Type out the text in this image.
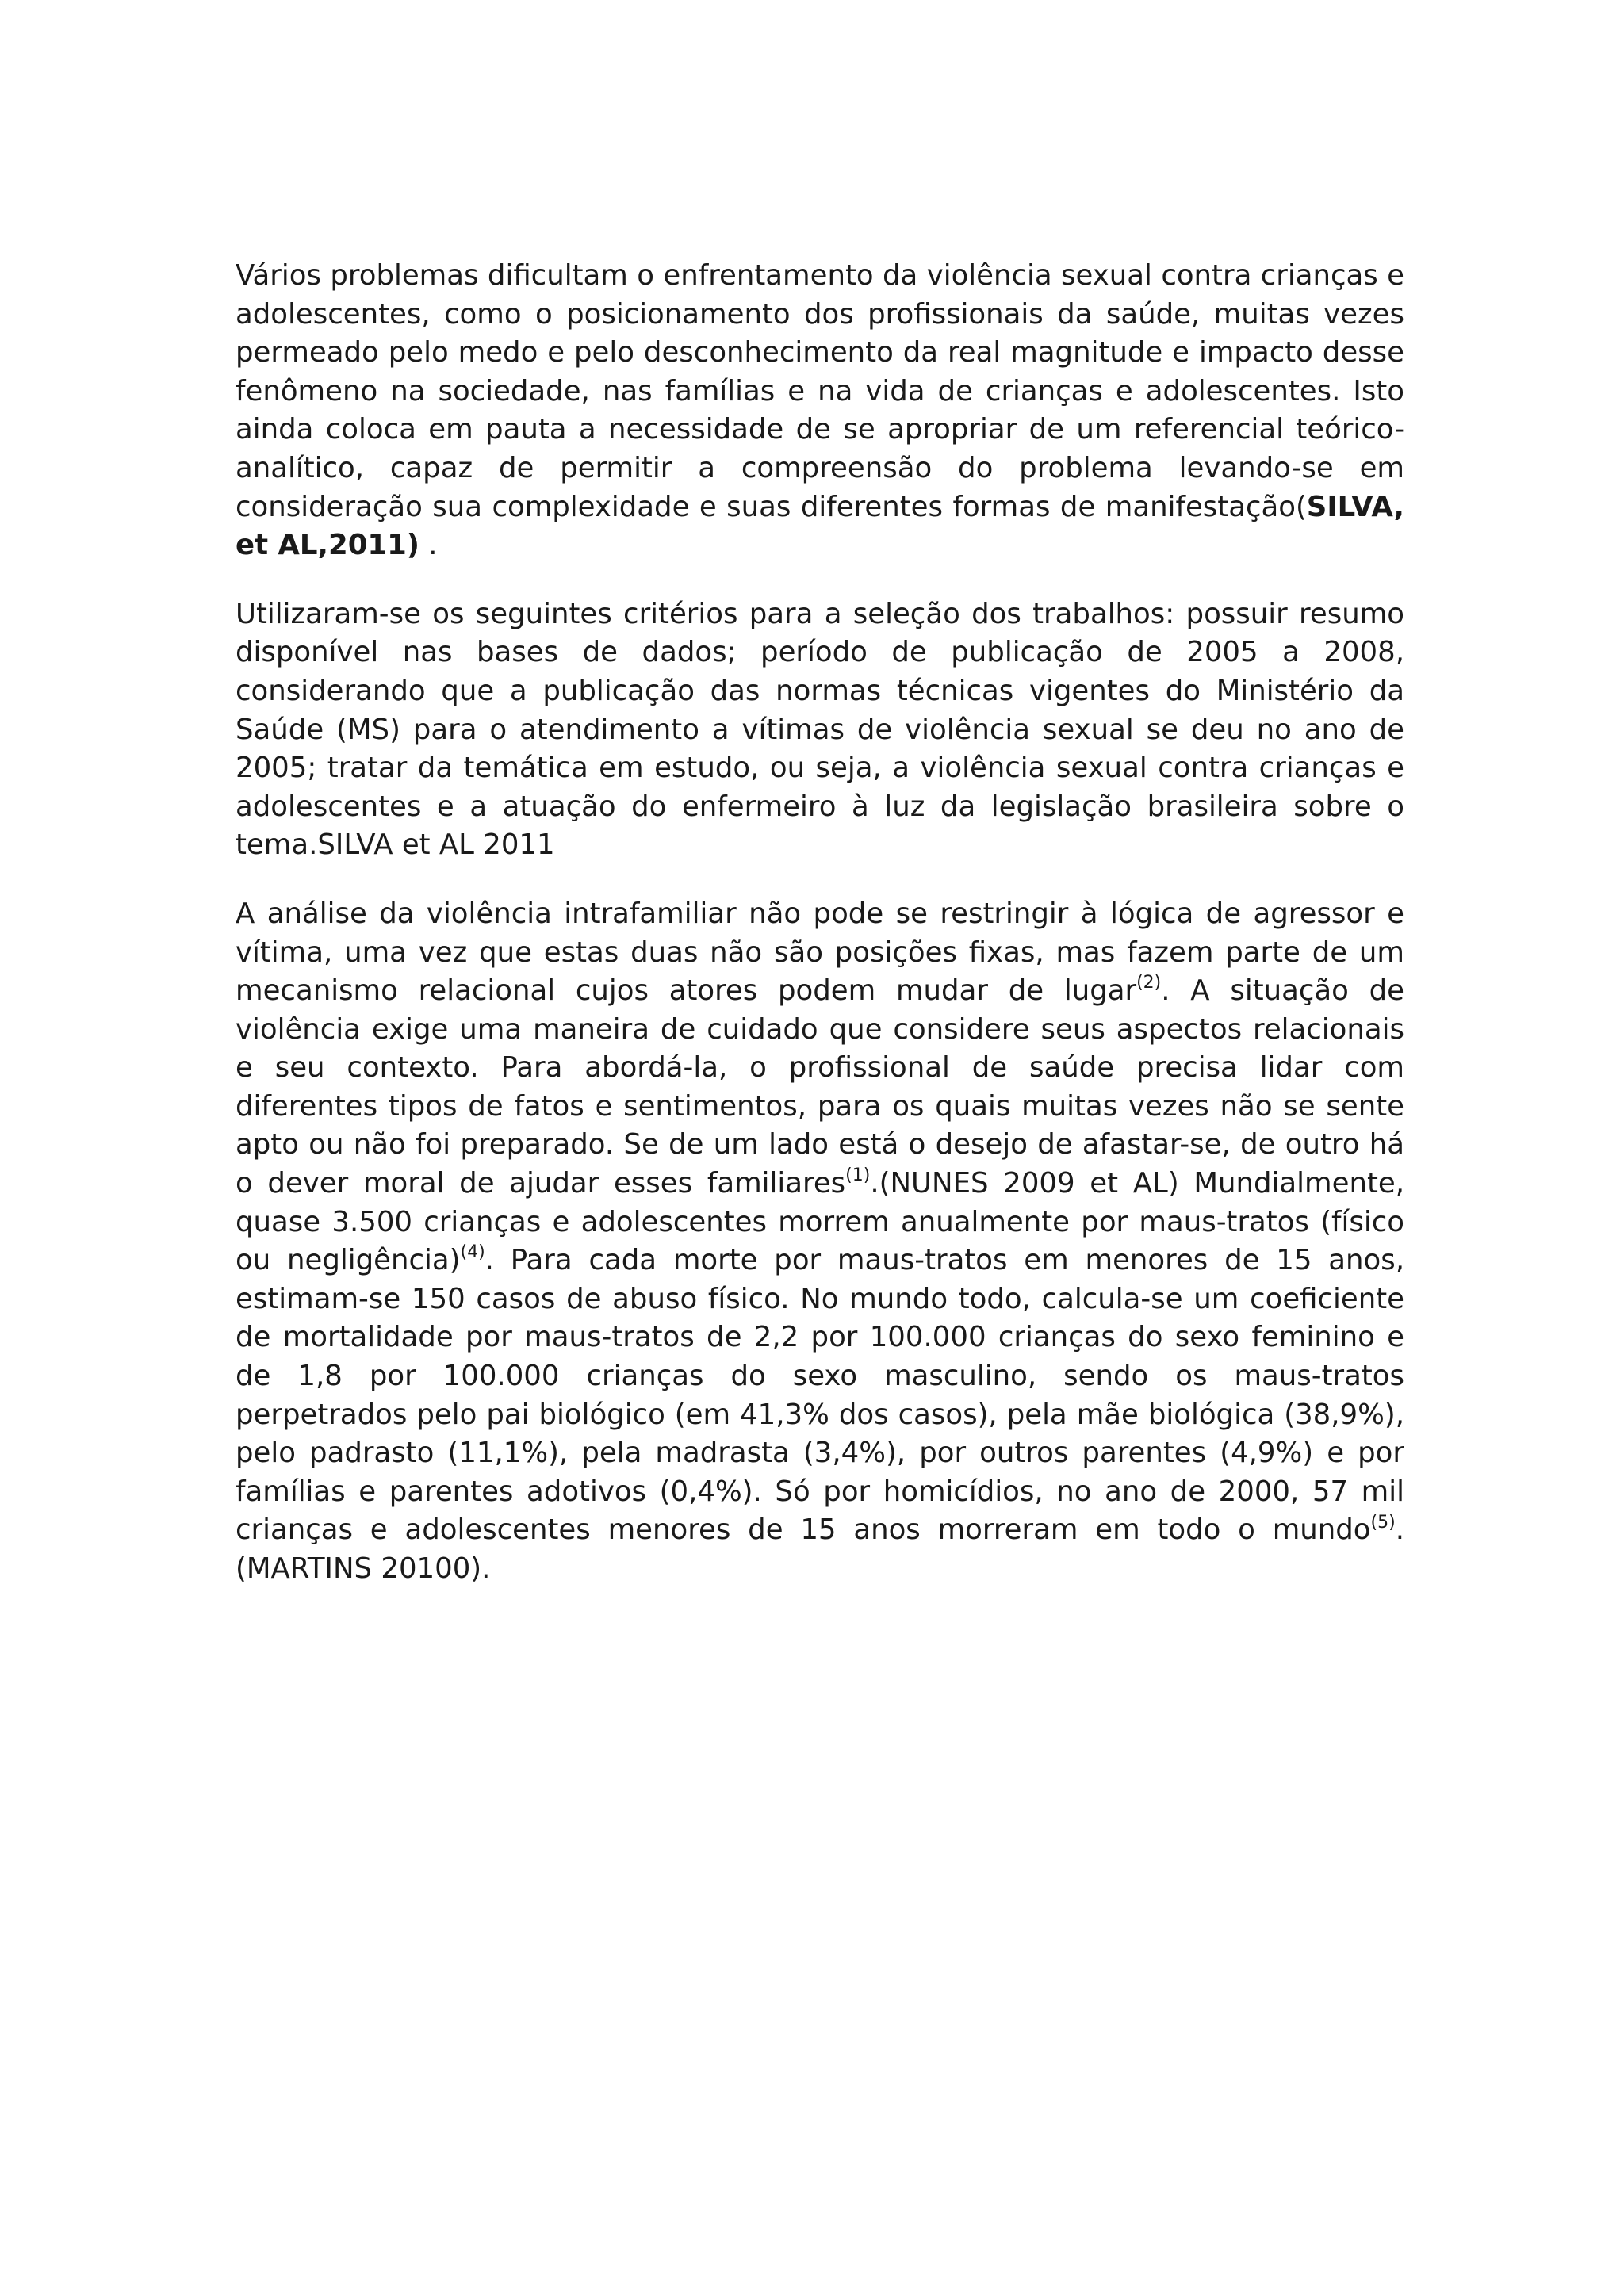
Vários problemas dificultam o enfrentamento da violência sexual contra crianças e adolescentes, como o posicionamento dos profissionais da saúde, muitas vezes permeado pelo medo e pelo desconhecimento da real magnitude e impacto desse fenômeno na sociedade, nas famílias e na vida de crianças e adolescentes. Isto ainda coloca em pauta a necessidade de se apropriar de um referencial teórico-analítico, capaz de permitir a compreensão do problema levando-se em consideração sua complexidade e suas diferentes formas de manifestação(SILVA, et AL,2011) .

Utilizaram-se os seguintes critérios para a seleção dos trabalhos: possuir resumo disponível nas bases de dados; período de publicação de 2005 a 2008, considerando que a publicação das normas técnicas vigentes do Ministério da Saúde (MS) para o atendimento a vítimas de violência sexual se deu no ano de 2005; tratar da temática em estudo, ou seja, a violência sexual contra crianças e adolescentes e a atuação do enfermeiro à luz da legislação brasileira sobre o tema.SILVA et AL 2011

A análise da violência intrafamiliar não pode se restringir à lógica de agressor e vítima, uma vez que estas duas não são posições fixas, mas fazem parte de um mecanismo relacional cujos atores podem mudar de lugar$^{(2)}$. A situação de violência exige uma maneira de cuidado que considere seus aspectos relacionais e seu contexto. Para abordá-la, o profissional de saúde precisa lidar com diferentes tipos de fatos e sentimentos, para os quais muitas vezes não se sente apto ou não foi preparado. Se de um lado está o desejo de afastar-se, de outro há o dever moral de ajudar esses familiares$^{(1)}$.(NUNES 2009 et AL) Mundialmente, quase 3.500 crianças e adolescentes morrem anualmente por maus-tratos (físico ou negligência)$^{(4)}$. Para cada morte por maus-tratos em menores de 15 anos, estimam-se 150 casos de abuso físico. No mundo todo, calcula-se um coeficiente de mortalidade por maus-tratos de 2,2 por 100.000 crianças do sexo feminino e de 1,8 por 100.000 crianças do sexo masculino, sendo os maus-tratos perpetrados pelo pai biológico (em 41,3% dos casos), pela mãe biológica (38,9%), pelo padrasto (11,1%), pela madrasta (3,4%), por outros parentes (4,9%) e por famílias e parentes adotivos (0,4%). Só por homicídios, no ano de 2000, 57 mil crianças e adolescentes menores de 15 anos morreram em todo o mundo$^{(5)}$.(MARTINS 20100).
